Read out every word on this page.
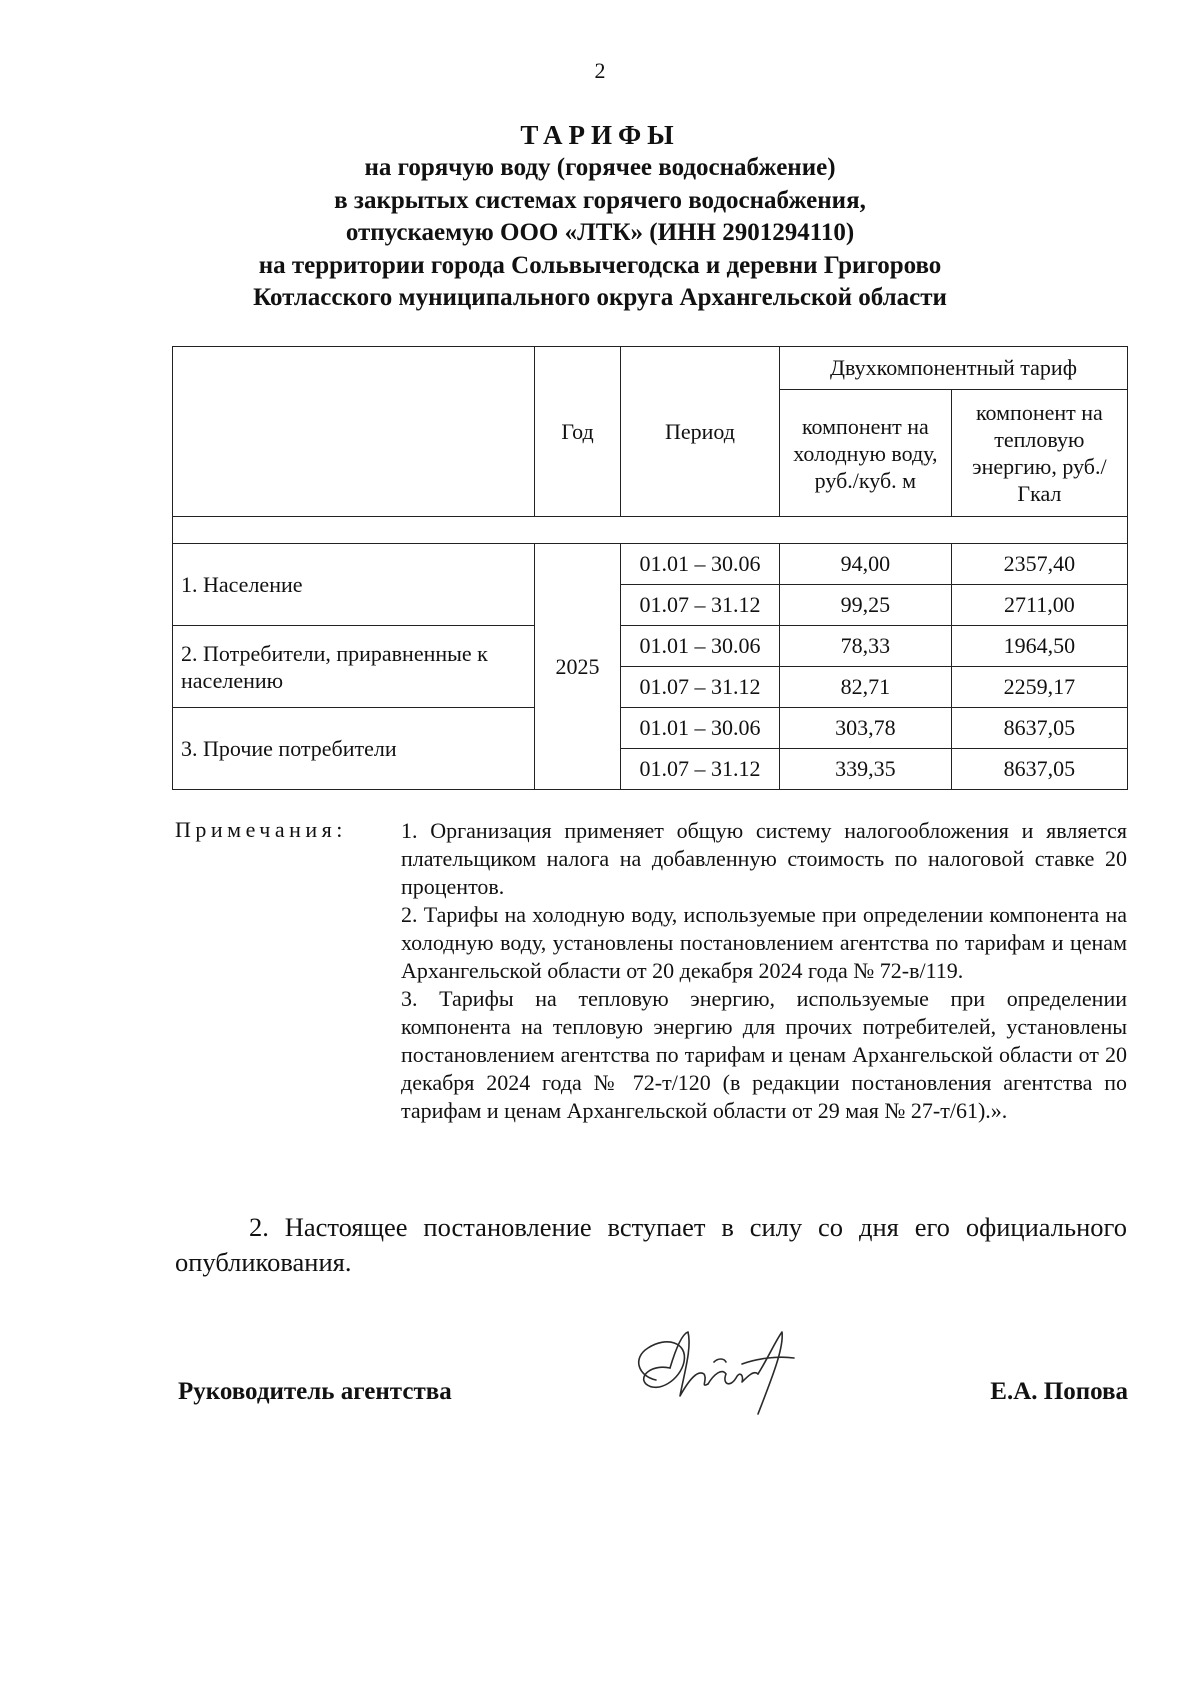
2
ТАРИФЫ
на горячую воду (горячее водоснабжение)
в закрытых системах горячего водоснабжения,
отпускаемую ООО «ЛТК» (ИНН 2901294110)
на территории города Сольвычегодска и деревни Григорово
Котласского муниципального округа Архангельской области
	Год	Период	Двухкомпонентный тариф	
			компонент на холодную воду, руб./куб. м	компонент на тепловую энергию, руб./Гкал

1. Население	2025	01.01 – 30.06	94,00	2357,40
		01.07 – 31.12	99,25	2711,00
2. Потребители, приравненные к населению		01.01 – 30.06	78,33	1964,50
		01.07 – 31.12	82,71	2259,17
3. Прочие потребители		01.01 – 30.06	303,78	8637,05
		01.07 – 31.12	339,35	8637,05
Примечания: 1. Организация применяет общую систему налогообложения и является плательщиком налога на добавленную стоимость по налоговой ставке 20 процентов.

2. Тарифы на холодную воду, используемые при определении компонента на холодную воду, установлены постановлением агентства по тарифам и ценам Архангельской области от 20 декабря 2024 года № 72-в/119.

3. Тарифы на тепловую энергию, используемые при определении компонента на тепловую энергию для прочих потребителей, установлены постановлением агентства по тарифам и ценам Архангельской области от 20 декабря 2024 года № 72-т/120 (в редакции постановления агентства по тарифам и ценам Архангельской области от 29 мая № 27-т/61).».

2. Настоящее постановление вступает в силу со дня его официального опубликования.
Руководитель агентства	Е.А. Попова
